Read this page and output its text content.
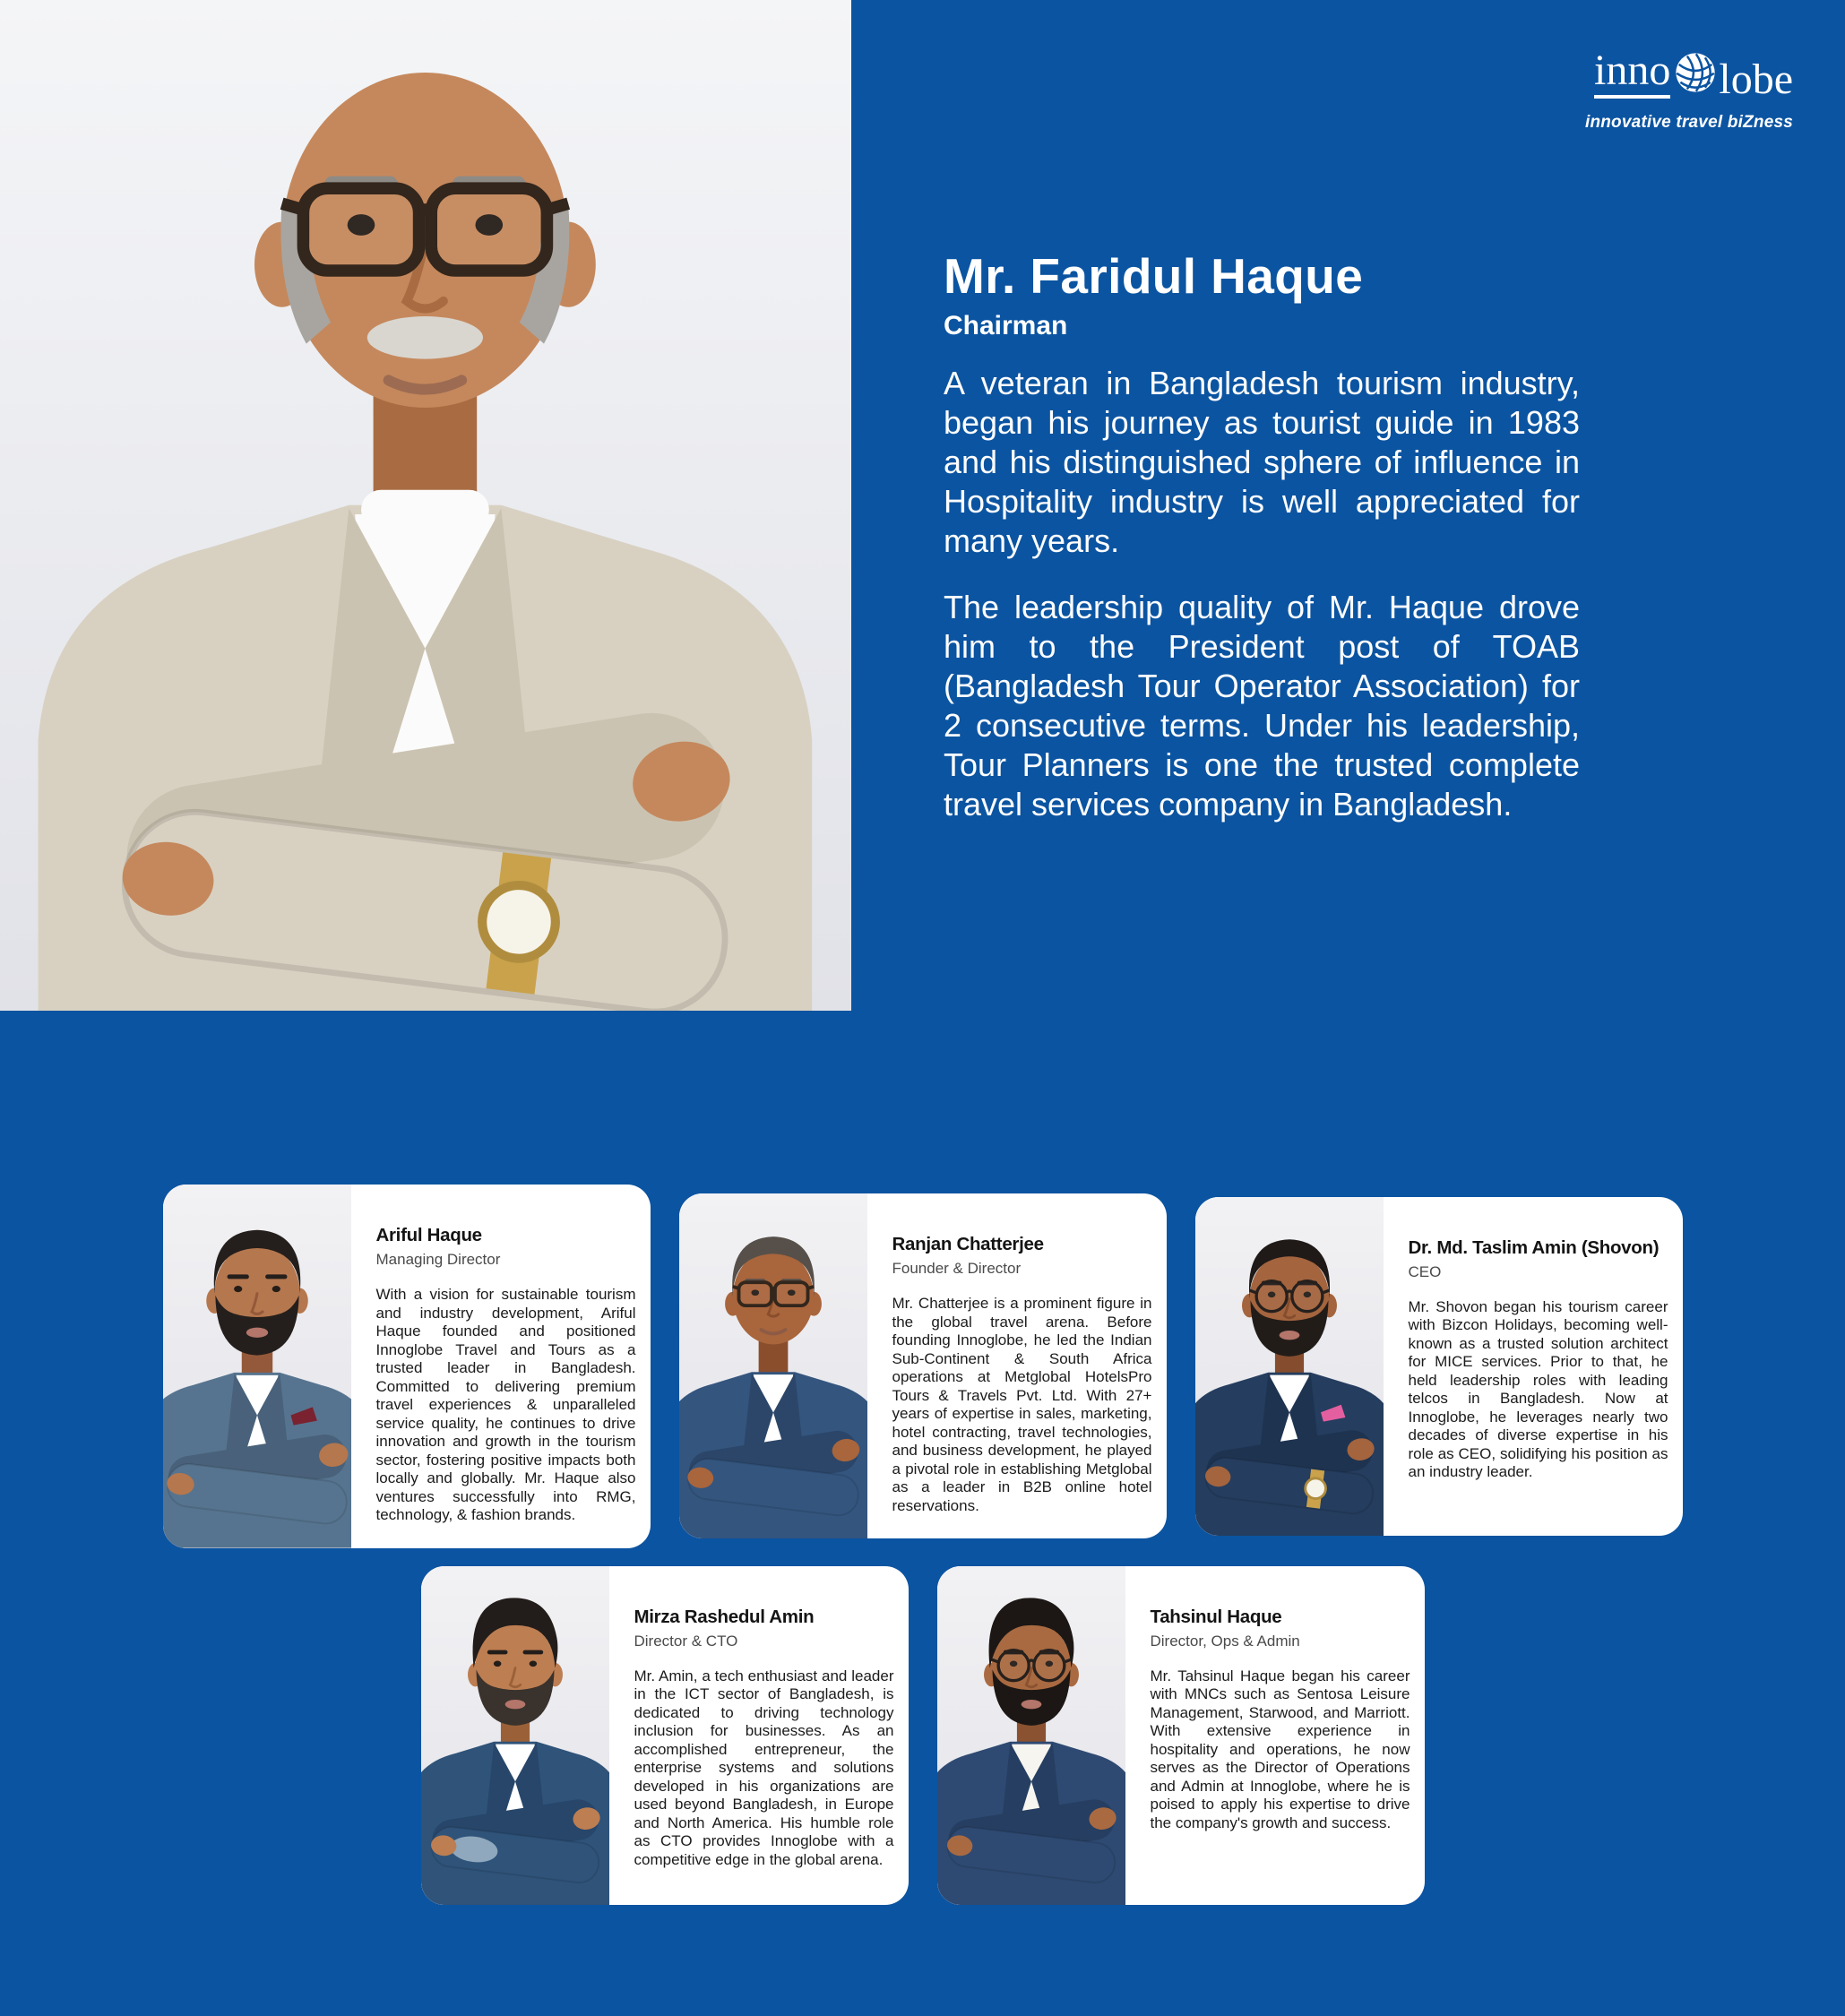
inno lobe
innovative travel biZness
Mr. Faridul Haque
Chairman

A veteran in Bangladesh tourism industry, began his journey as tourist guide in 1983 and his distinguished sphere of influence in Hospitality industry is well appreciated for many years.

The leadership quality of Mr. Haque drove him to the President post of TOAB (Bangladesh Tour Operator Association) for 2 consecutive terms. Under his leadership, Tour Planners is one the trusted complete travel services company in Bangladesh.

Ariful Haque
Managing Director

With a vision for sustainable tourism and industry development, Ariful Haque founded and positioned Innoglobe Travel and Tours as a trusted leader in Bangladesh. Committed to delivering premium travel experiences & unparalleled service quality, he continues to drive innovation and growth in the tourism sector, fostering positive impacts both locally and globally. Mr. Haque also ventures successfully into RMG, technology, & fashion brands.

Ranjan Chatterjee
Founder & Director

Mr. Chatterjee is a prominent figure in the global travel arena. Before founding Innoglobe, he led the Indian Sub-Continent & South Africa operations at Metglobal HotelsPro Tours & Travels Pvt. Ltd. With 27+ years of expertise in sales, marketing, hotel contracting, travel technologies, and business development, he played a pivotal role in establishing Metglobal as a leader in B2B online hotel reservations.

Dr. Md. Taslim Amin (Shovon)
CEO

Mr. Shovon began his tourism career with Bizcon Holidays, becoming well-known as a trusted solution architect for MICE services. Prior to that, he held leadership roles with leading telcos in Bangladesh. Now at Innoglobe, he leverages nearly two decades of diverse expertise in his role as CEO, solidifying his position as an industry leader.

Mirza Rashedul Amin
Director & CTO

Mr. Amin, a tech enthusiast and leader in the ICT sector of Bangladesh, is dedicated to driving technology inclusion for businesses. As an accomplished entrepreneur, the enterprise systems and solutions developed in his organizations are used beyond Bangladesh, in Europe and North America. His humble role as CTO provides Innoglobe with a competitive edge in the global arena.

Tahsinul Haque
Director, Ops & Admin

Mr. Tahsinul Haque began his career with MNCs such as Sentosa Leisure Management, Starwood, and Marriott. With extensive experience in hospitality and operations, he now serves as the Director of Operations and Admin at Innoglobe, where he is poised to apply his expertise to drive the company's growth and success.
